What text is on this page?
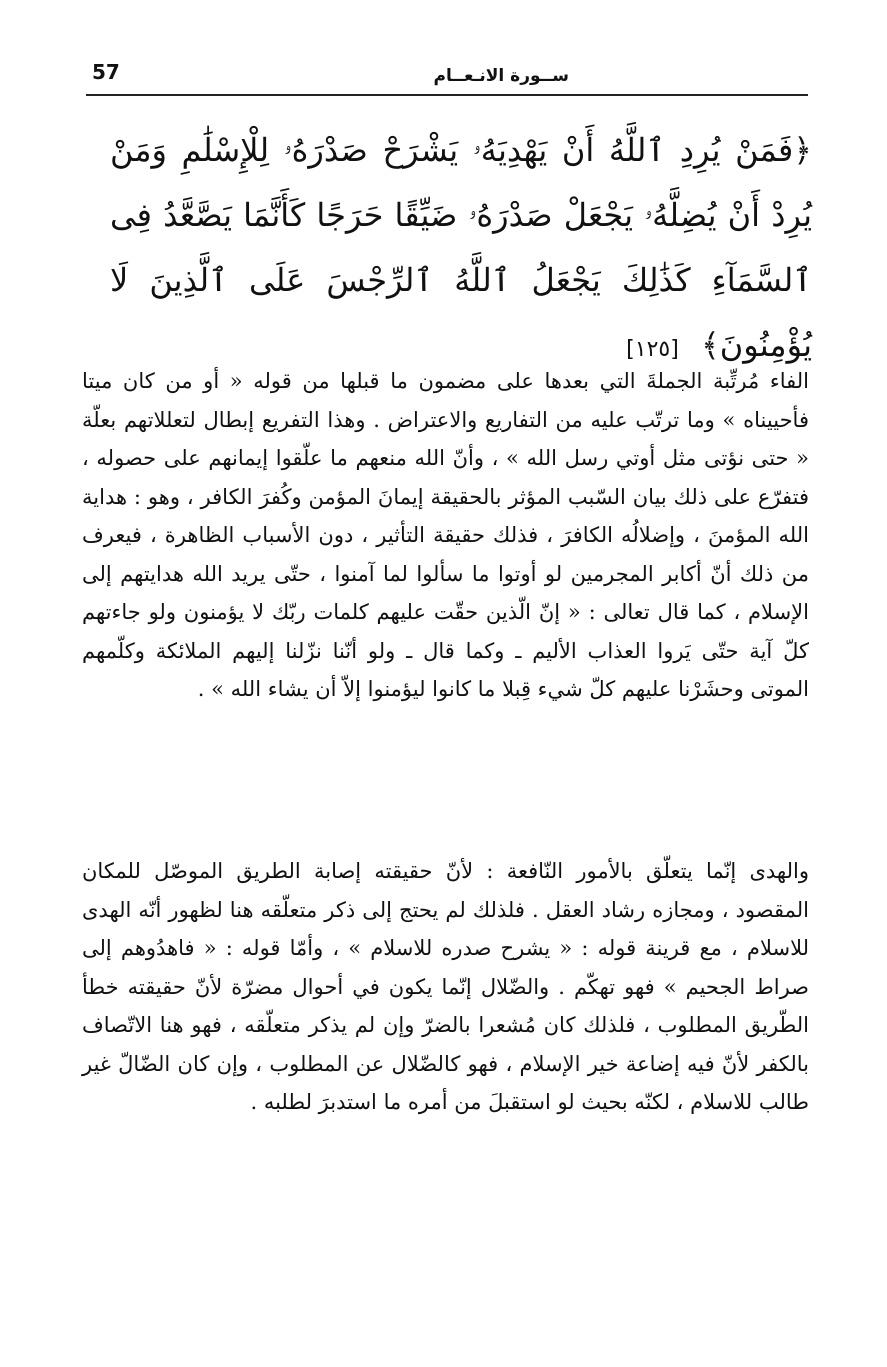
57	ســورة الانـعــام
﴿فَمَنْ يُرِدِ ٱللَّهُ أَنْ يَهْدِيَهُۥ يَشْرَحْ صَدْرَهُۥ لِلْإِسْلَٰمِ وَمَنْ يُرِدْ أَنْ يُضِلَّهُۥ يَجْعَلْ صَدْرَهُۥ ضَيِّقًا حَرَجًا كَأَنَّمَا يَصَّعَّدُ فِى ٱلسَّمَآءِ كَذَٰلِكَ يَجْعَلُ ٱللَّهُ ٱلرِّجْسَ عَلَى ٱلَّذِينَ لَا يُؤْمِنُونَ﴾ [١٢٥]
الفاء مُرتِّبة الجملةَ التي بعدها على مضمون ما قبلها من قوله « أو من كان ميتا فأحييناه » وما ترتّب عليه من التفاريع والاعتراض . وهذا التفريع إبطال لتعللاتهم بعلّة « حتى نؤتى مثل أوتي رسل الله » ، وأنّ الله منعهم ما علّقوا إيمانهم على حصوله ، فتفرّع على ذلك بيان السّبب المؤثر بالحقيقة إيمانَ المؤمن وكُفرَ الكافر ، وهو : هداية الله المؤمنَ ، وإضلالُه الكافرَ ، فذلك حقيقة التأثير ، دون الأسباب الظاهرة ، فيعرف من ذلك أنّ أكابر المجرمين لو أوتوا ما سألوا لما آمنوا ، حتّى يريد الله هدايتهم إلى الإسلام ، كما قال تعالى : « إنّ الّذين حقّت عليهم كلمات ربّك لا يؤمنون ولو جاءتهم كلّ آية حتّى يَروا العذاب الأليم ـ وكما قال ـ ولو أنّنا نزّلنا إليهم الملائكة وكلّمهم الموتى وحشَرْنا عليهم كلّ شيء قِبلا ما كانوا ليؤمنوا إلاّ أن يشاء الله » .
والهدى إنّما يتعلّق بالأمور النّافعة : لأنّ حقيقته إصابة الطريق الموصّل للمكان المقصود ، ومجازه رشاد العقل . فلذلك لم يحتج إلى ذكر متعلّقه هنا لظهور أنّه الهدى للاسلام ، مع قرينة قوله : « يشرح صدره للاسلام » ، وأمّا قوله : « فاهدُوهم إلى صراط الجحيم » فهو تهكّم . والضّلال إنّما يكون في أحوال مضرّة لأنّ حقيقته خطأ الطّريق المطلوب ، فلذلك كان مُشعرا بالضرّ وإن لم يذكر متعلّقه ، فهو هنا الاتّصاف بالكفر لأنّ فيه إضاعة خير الإسلام ، فهو كالضّلال عن المطلوب ، وإن كان الضّالّ غير طالب للاسلام ، لكنّه بحيث لو استقبلَ من أمره ما استدبرَ لطلبه .
